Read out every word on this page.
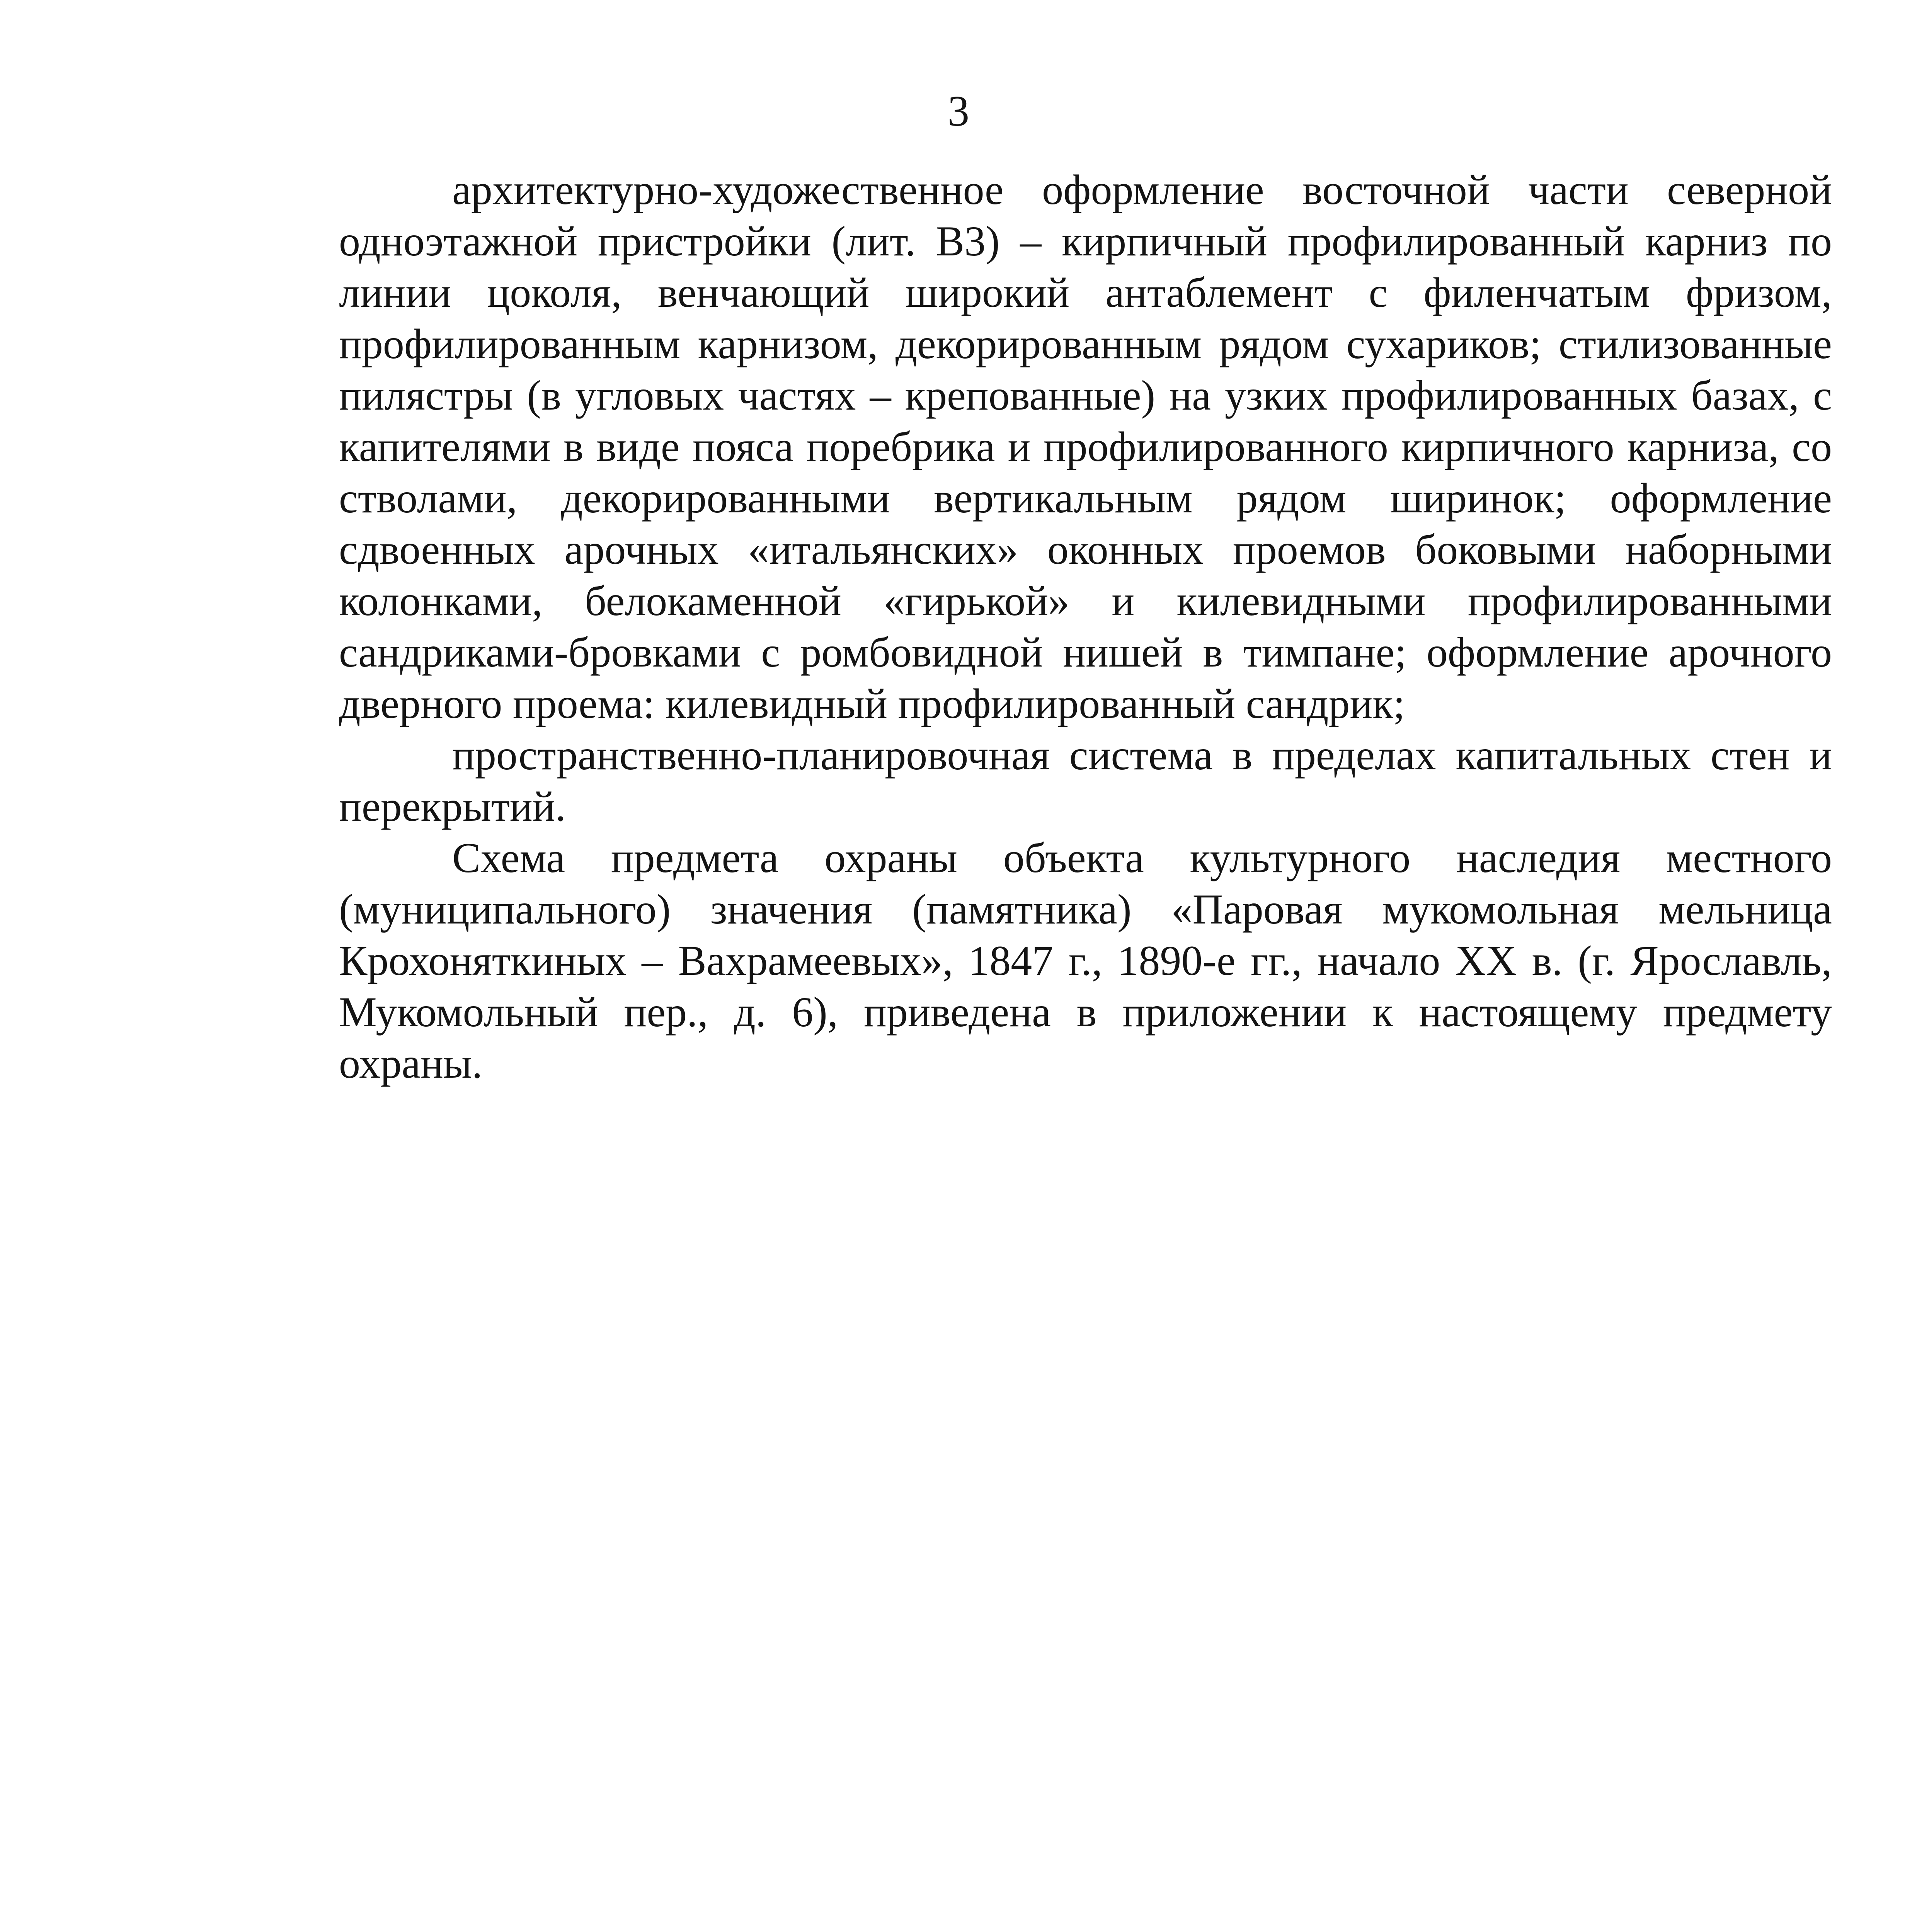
3

архитектурно-художественное оформление восточной части северной одноэтажной пристройки (лит. В3) – кирпичный профилированный карниз по линии цоколя, венчающий широкий антаблемент с филенчатым фризом, профилированным карнизом, декорированным рядом сухариков; стилизованные пилястры (в угловых частях – крепованные) на узких профилированных базах, с капителями в виде пояса поребрика и профилированного кирпичного карниза, со стволами, декорированными вертикальным рядом ширинок; оформление сдвоенных арочных «итальянских» оконных проемов боковыми наборными колонками, белокаменной «гирькой» и килевидными профилированными сандриками-бровками с ромбовидной нишей в тимпане; оформление арочного дверного проема: килевидный профилированный сандрик;

пространственно-планировочная система в пределах капитальных стен и перекрытий.

Схема предмета охраны объекта культурного наследия местного (муниципального) значения (памятника) «Паровая мукомольная мельница Крохоняткиных – Вахрамеевых», 1847 г., 1890-е гг., начало XX в. (г. Ярославль, Мукомольный пер., д. 6), приведена в приложении к настоящему предмету охраны.
